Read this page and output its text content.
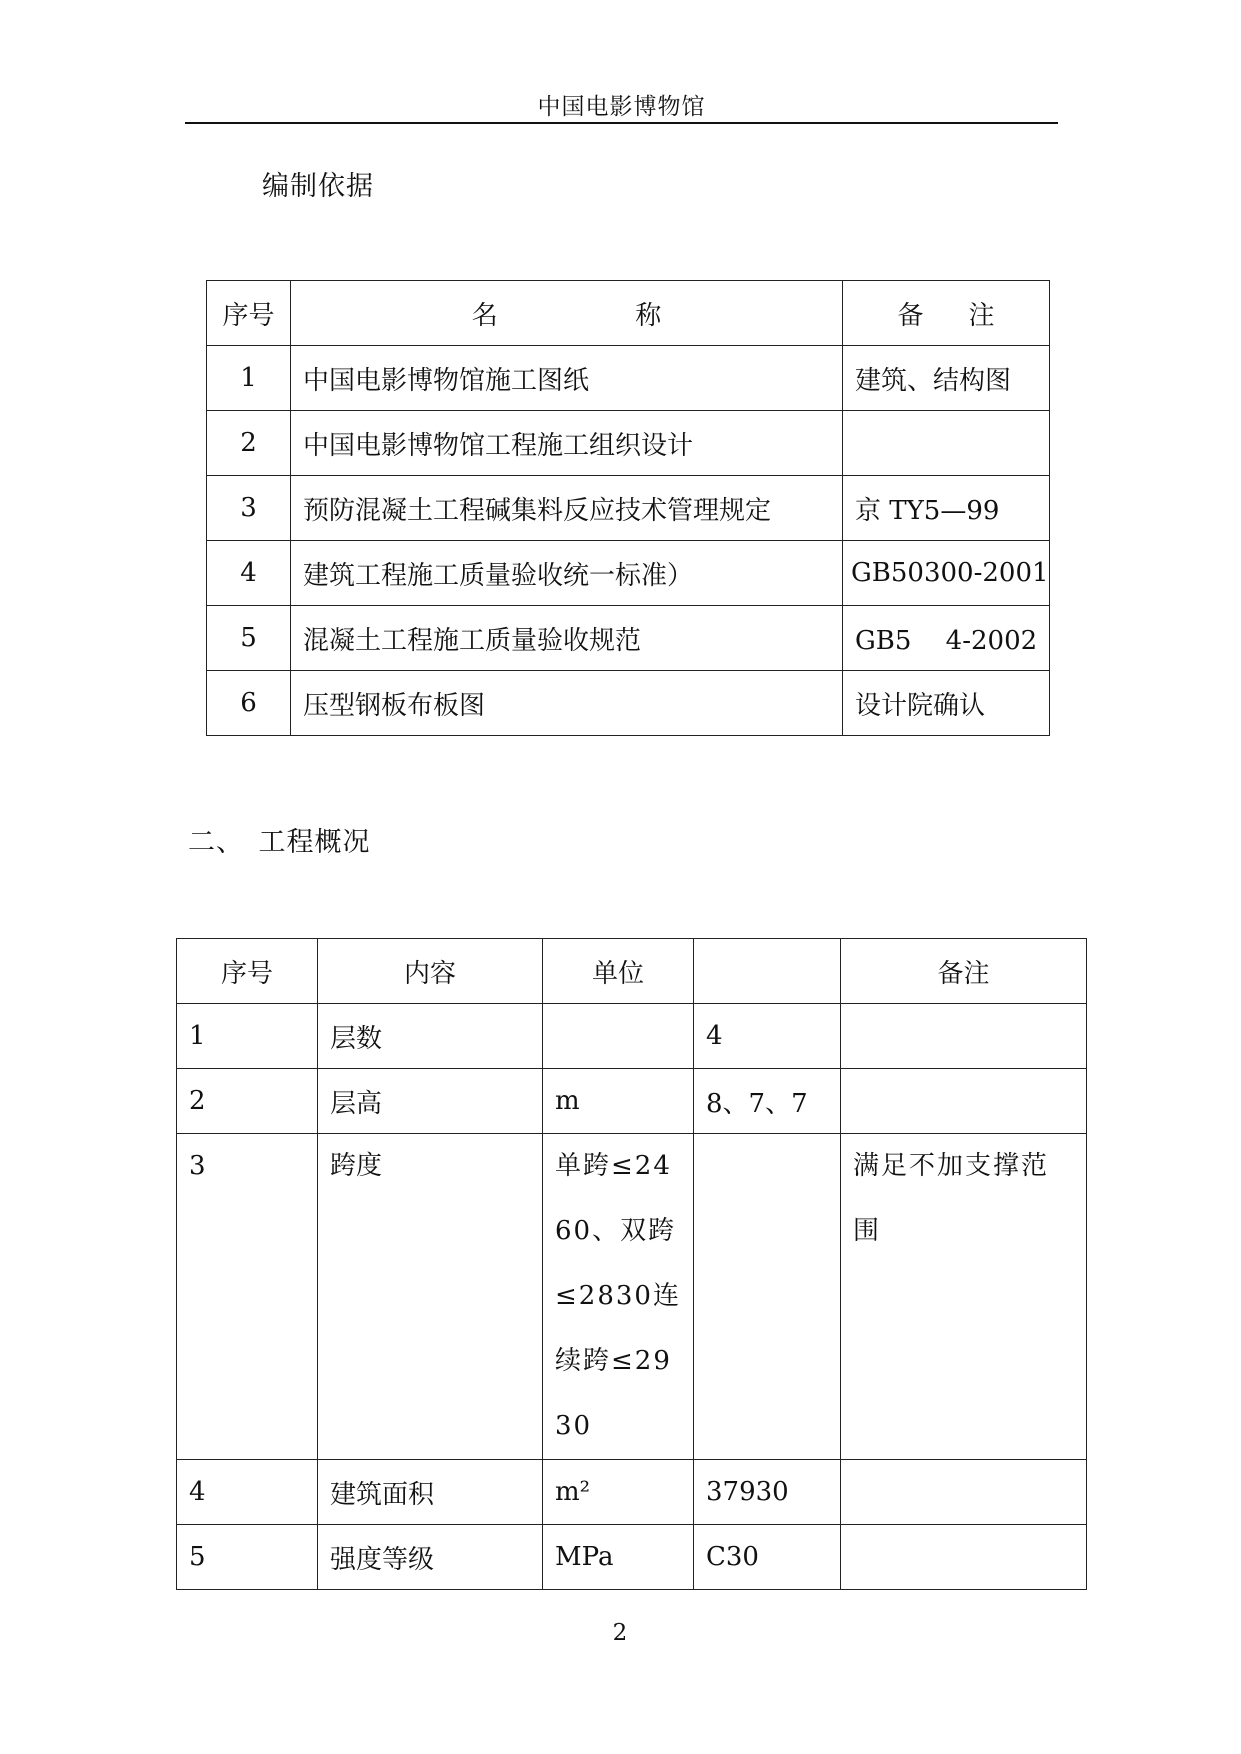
中国电影博物馆
编制依据
序号	名 称	备 注

1	中国电影博物馆施工图纸	建筑、结构图
2	中国电影博物馆工程施工组织设计	
3	预防混凝土工程碱集料反应技术管理规定	京 TY5—99
4	建筑工程施工质量验收统一标准）	GB50300-2001
5	混凝土工程施工质量验收规范	GB5　 4-2002
6	压型钢板布板图	设计院确认
二、　工程概况
序号	内容	单位		备注
1	层数		4	
2	层高	m	8、7、7	
3	跨度	单跨≤2460、双跨≤2830连续跨≤2930		满足不加支撑范围
4	建筑面积	m²	37930	
5	强度等级	MPa	C30	
2
